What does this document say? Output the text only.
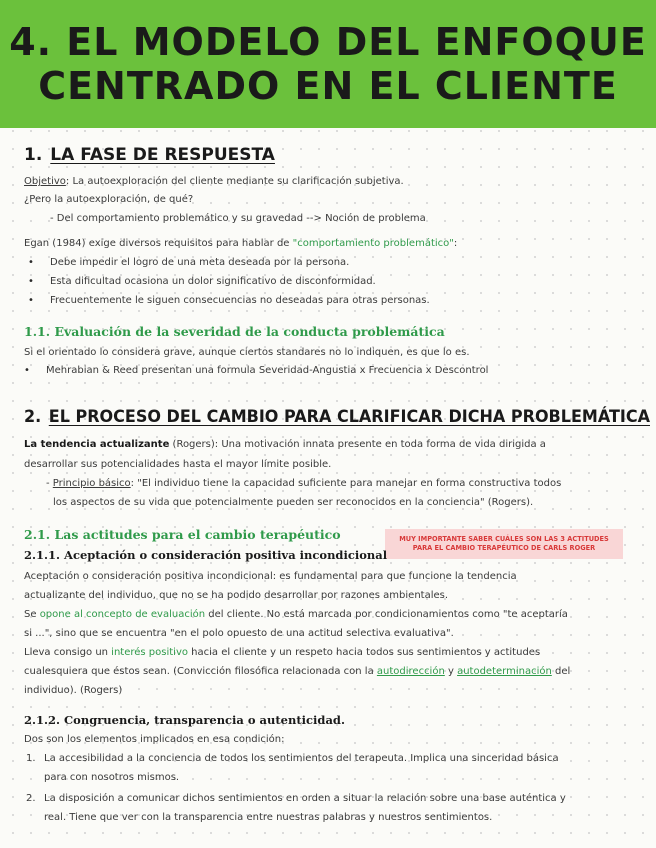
4. EL MODELO DEL ENFOQUE
CENTRADO EN EL CLIENTE
1. LA FASE DE RESPUESTA
Objetivo: La autoexploración del cliente mediante su clarificación subjetiva.
¿Pero la autoexploración, de qué?
- Del comportamiento problemático y su gravedad --> Noción de problema
Egan (1984) exige diversos requisitos para hablar de "comportamiento problemático":
• Debe impedir el logro de una meta deseada por la persona.
• Esta dificultad ocasiona un dolor significativo de disconformidad.
• Frecuentemente le siguen consecuencias no deseadas para otras personas.
1.1. Evaluación de la severidad de la conducta problemática
Si el orientado lo considera grave, aunque ciertos standares no lo indiquen, es que lo es.
• Mehrabian & Reed presentan una formula Severidad-Angustia x Frecuencia x Descontrol
2. EL PROCESO DEL CAMBIO PARA CLARIFICAR DICHA PROBLEMÁTICA
La tendencia actualizante (Rogers): Una motivación innata presente en toda forma de vida dirigida a
desarrollar sus potencialidades hasta el mayor límite posible.
- Principio básico: "El individuo tiene la capacidad suficiente para manejar en forma constructiva todos
los aspectos de su vida que potencialmente pueden ser reconocidos en la conciencia" (Rogers).
2.1. Las actitudes para el cambio terapéutico	MUY IMPORTANTE SABER CUÁLES SON LAS 3 ACTITUDES
PARA EL CAMBIO TERAPÉUTICO DE CARLS ROGER
2.1.1. Aceptación o consideración positiva incondicional
Aceptación o consideración positiva incondicional: es fundamental para que funcione la tendencia
actualizante del individuo, que no se ha podido desarrollar por razones ambientales.
Se opone al concepto de evaluación del cliente. No está marcada por condicionamientos como "te aceptaría
si ...", sino que se encuentra "en el polo opuesto de una actitud selectiva evaluativa".
Lleva consigo un interés positivo hacia el cliente y un respeto hacia todos sus sentimientos y actitudes
cualesquiera que éstos sean. (Convicción filosófica relacionada con la autodirección y autodeterminación del
individuo). (Rogers)
2.1.2. Congruencia, transparencia o autenticidad.
Dos son los elementos implicados en esa condición:
1. La accesibilidad a la conciencia de todos los sentimientos del terapeuta. Implica una sinceridad básica
para con nosotros mismos.
2. La disposición a comunicar dichos sentimientos en orden a situar la relación sobre una base auténtica y
real. Tiene que ver con la transparencia entre nuestras palabras y nuestros sentimientos.
